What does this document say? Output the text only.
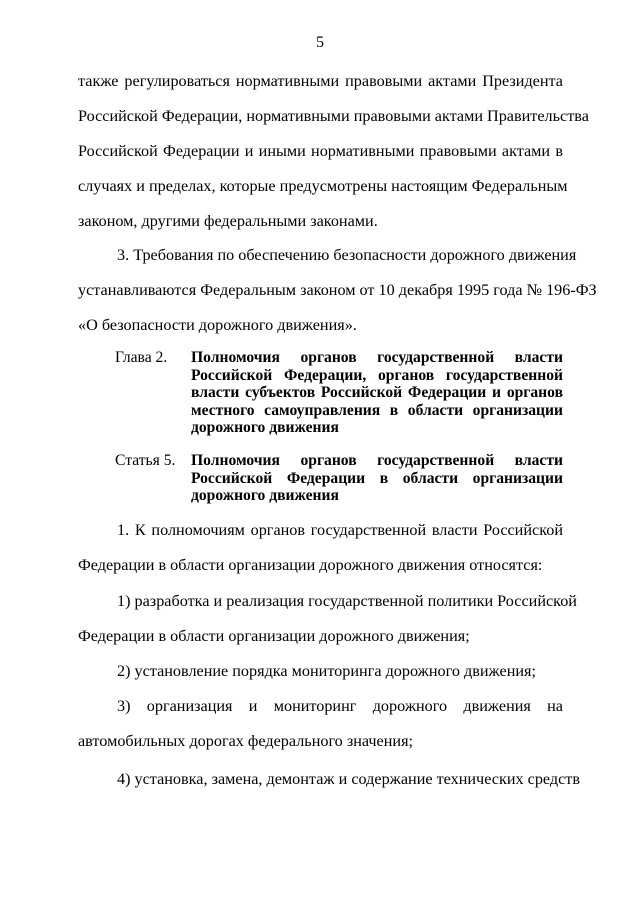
5
также регулироваться нормативными правовыми актами Президента
Российской Федерации, нормативными правовыми актами Правительства
Российской Федерации и иными нормативными правовыми актами в
случаях и пределах, которые предусмотрены настоящим Федеральным
законом, другими федеральными законами.
3. Требования по обеспечению безопасности дорожного движения
устанавливаются Федеральным законом от 10 декабря 1995 года № 196-ФЗ
«О безопасности дорожного движения».
Глава 2. Полномочия органов государственной власти
Российской Федерации, органов государственной
власти субъектов Российской Федерации и органов
местного самоуправления в области организации
дорожного движения
Статья 5. Полномочия органов государственной власти
Российской Федерации в области организации
дорожного движения
1. К полномочиям органов государственной власти Российской
Федерации в области организации дорожного движения относятся:
1) разработка и реализация государственной политики Российской
Федерации в области организации дорожного движения;
2) установление порядка мониторинга дорожного движения;
3) организация и мониторинг дорожного движения на
автомобильных дорогах федерального значения;
4) установка, замена, демонтаж и содержание технических средств
